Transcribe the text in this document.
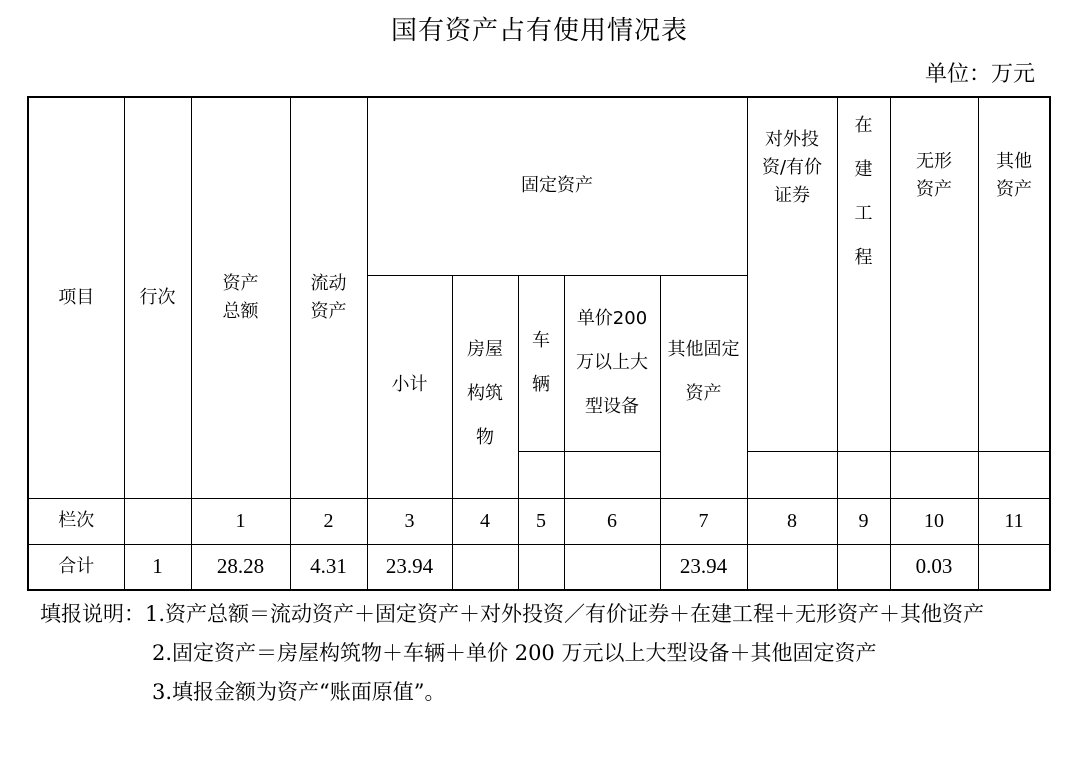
国有资产占有使用情况表
单位：万元
项目	行次	资产总额	流动资产	固定资产					对外投资/有价证券	在建工程	无形资产	其他资产	
				小计	房屋构筑物	车辆	单价200万以上大型设备	其他固定资产					

栏次		1	2	3	4	5	6	7	8	9	10	11	
合计	1	28.28	4.31	23.94				23.94			0.03		

填报说明：1.资产总额＝流动资产＋固定资产＋对外投资／有价证券＋在建工程＋无形资产＋其他资产

2.固定资产＝房屋构筑物＋车辆＋单价 200 万元以上大型设备＋其他固定资产

3.填报金额为资产“账面原值”。
